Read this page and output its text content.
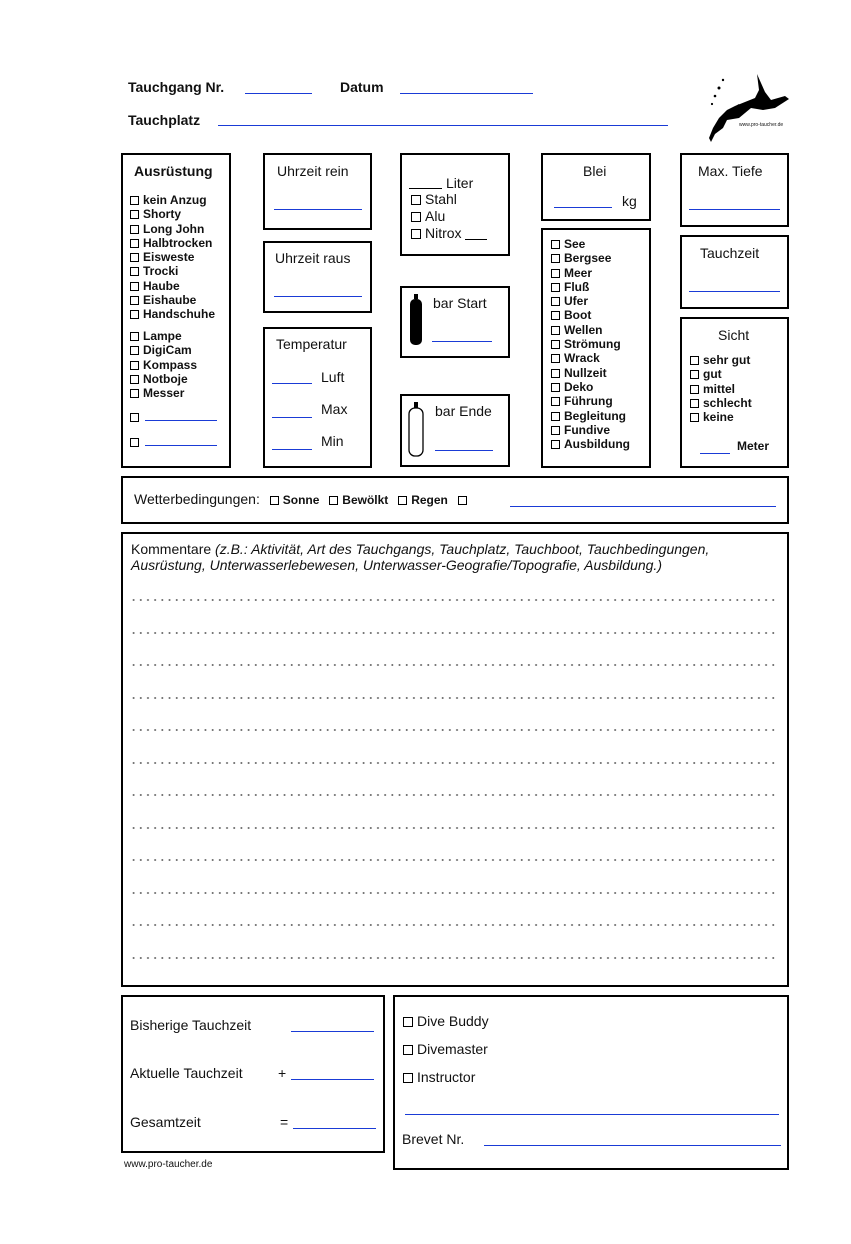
Tauchgang Nr.	Datum
Tauchplatz	www.pro-taucher.de
Ausrüstung
kein Anzug
Shorty
Long John
Halbtrocken
Eisweste
Trocki
Haube
Eishaube
Handschuhe
Lampe
DigiCam
Kompass
Notboje
Messer
Uhrzeit rein
Uhrzeit raus
Temperatur
Luft
Max
Min
Liter
Stahl
Alu
Nitrox
bar Start
bar Ende
Blei
kg
See
Bergsee
Meer
Fluß
Ufer
Boot
Wellen
Strömung
Wrack
Nullzeit
Deko
Führung
Begleitung
Fundive
Ausbildung
Max. Tiefe
Tauchzeit
Sicht
sehr gut
gut
mittel
schlecht
keine
Meter
Wetterbedingungen: Sonne Bewölkt Regen
Kommentare (z.B.: Aktivität, Art des Tauchgangs, Tauchplatz, Tauchboot, Tauchbedingungen, Ausrüstung, Unterwasserlebewesen, Unterwasser-Geografie/Topografie, Ausbildung.)
Bisherige Tauchzeit
Aktuelle Tauchzeit	+
Gesamtzeit	=
Dive Buddy
Divemaster
Instructor
Brevet Nr.
www.pro-taucher.de
